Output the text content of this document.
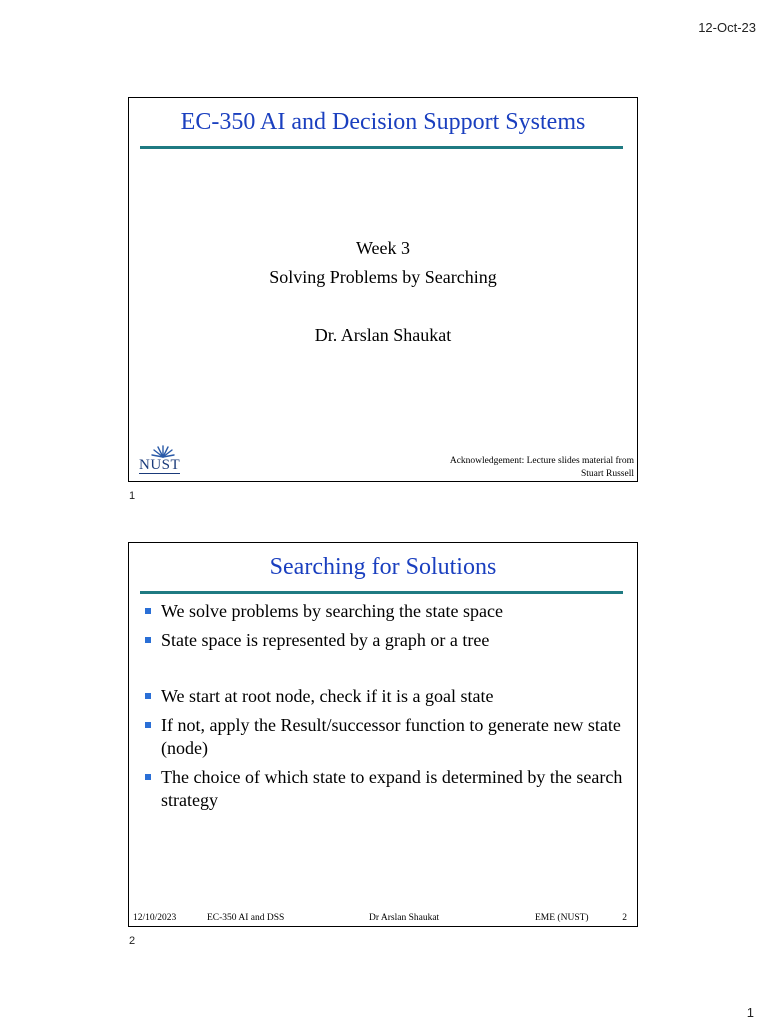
12-Oct-23
EC-350 AI and Decision Support Systems
Week 3
Solving Problems by Searching
Dr. Arslan Shaukat
NUST	Acknowledgement: Lecture slides material from
Stuart Russell
1
Searching for Solutions
We solve problems by searching the state space
State space is represented by a graph or a tree
We start at root node, check if it is a goal state
If not, apply the Result/successor function to generate new state (node)
The choice of which state to expand is determined by the search strategy
12/10/2023	EC-350 AI and DSS	Dr Arslan Shaukat	EME (NUST)	2
2
1
